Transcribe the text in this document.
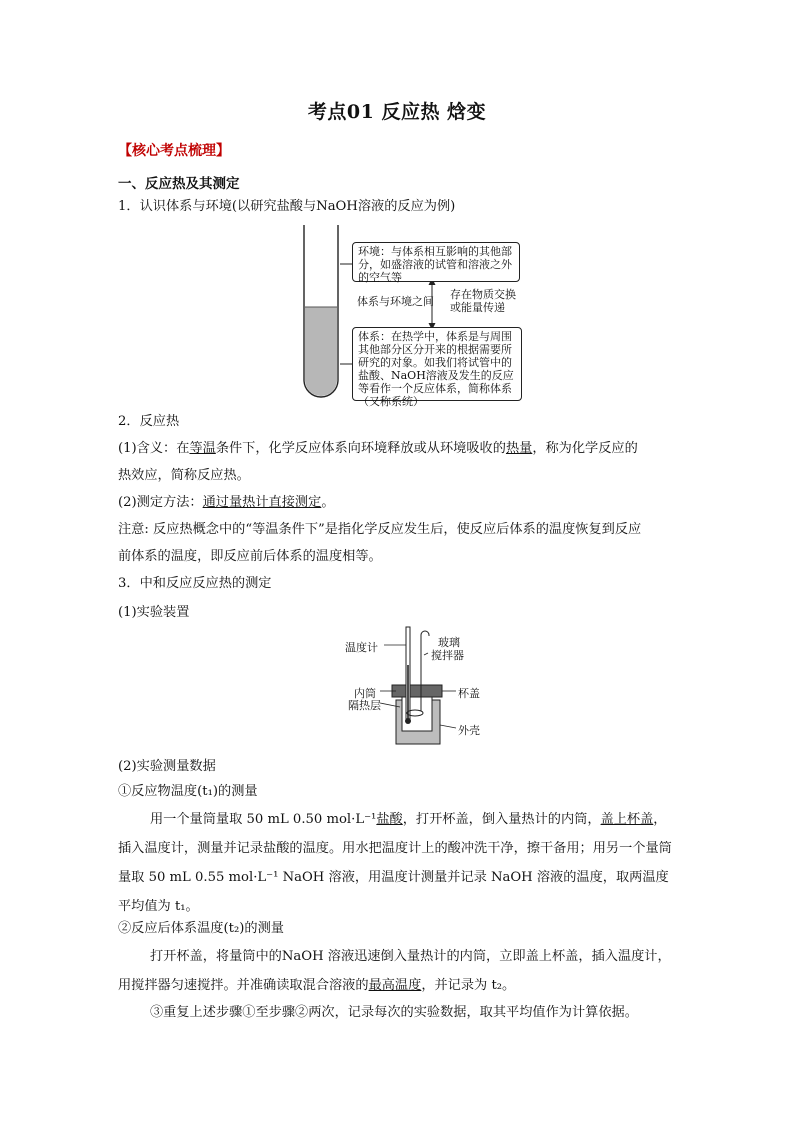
考点01 反应热 焓变
【核心考点梳理】
一、反应热及其测定
1．认识体系与环境(以研究盐酸与NaOH溶液的反应为例)
环境：与体系相互影响的其他部分，如盛溶液的试管和溶液之外的空气等
体系与环境之间
存在物质交换或能量传递
体系：在热学中，体系是与周围其他部分区分开来的根据需要所研究的对象。如我们将试管中的盐酸、NaOH溶液及发生的反应等看作一个反应体系，简称体系（又称系统）
2．反应热
(1)含义：在等温条件下，化学反应体系向环境释放或从环境吸收的热量，称为化学反应的
热效应，简称反应热。
(2)测定方法：通过量热计直接测定。
注意: 反应热概念中的“等温条件下”是指化学反应发生后，使反应后体系的温度恢复到反应
前体系的温度，即反应前后体系的温度相等。
3．中和反应反应热的测定
(1)实验装置
温度计	玻璃
搅拌器
内筒
隔热层
杯盖
外壳
(2)实验测量数据
①反应物温度(t₁)的测量
用一个量筒量取 50 mL 0.50 mol·L⁻¹盐酸，打开杯盖，倒入量热计的内筒，盖上杯盖，插入温度计，测量并记录盐酸的温度。用水把温度计上的酸冲洗干净，擦干备用；用另一个量筒量取 50 mL 0.55 mol·L⁻¹ NaOH 溶液，用温度计测量并记录 NaOH 溶液的温度，取两温度平均值为 t₁。
②反应后体系温度(t₂)的测量
打开杯盖，将量筒中的NaOH 溶液迅速倒入量热计的内筒，立即盖上杯盖，插入温度计，用搅拌器匀速搅拌。并准确读取混合溶液的最高温度，并记录为 t₂。
③重复上述步骤①至步骤②两次，记录每次的实验数据，取其平均值作为计算依据。
